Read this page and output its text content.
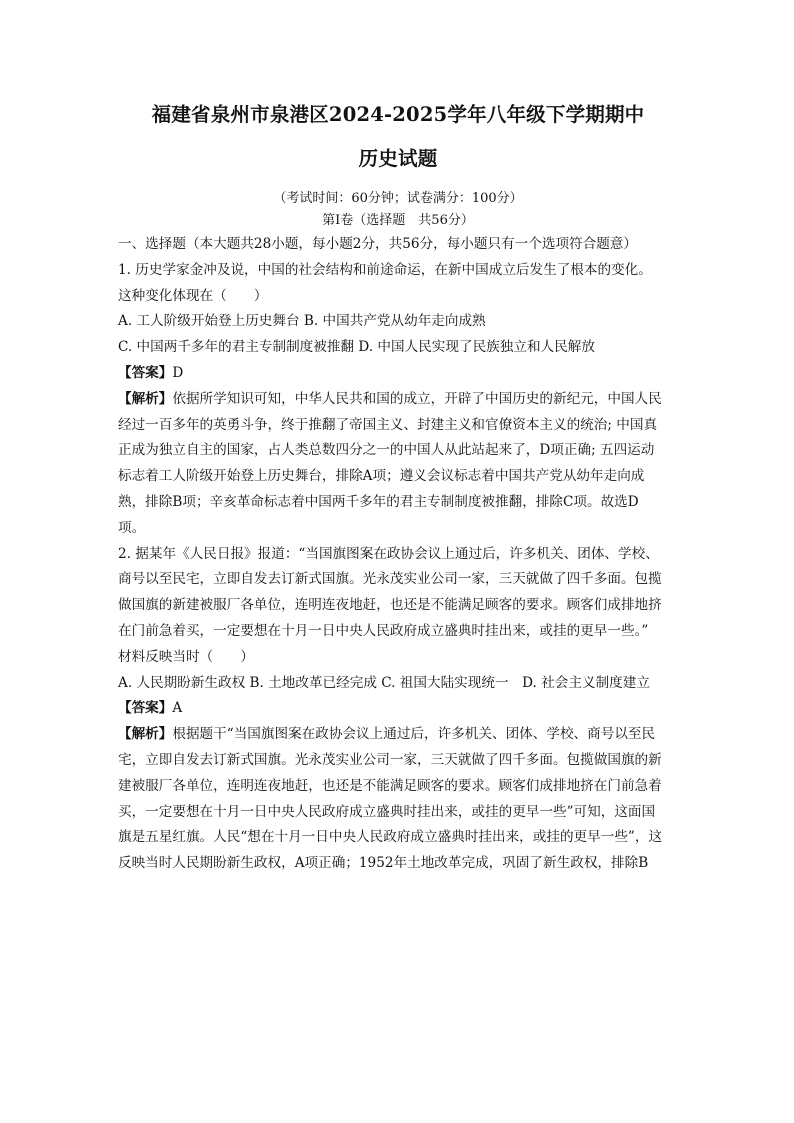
福建省泉州市泉港区2024-2025学年八年级下学期期中

历史试题

（考试时间：60分钟；试卷满分：100分）

第Ⅰ卷（选择题　共56分）

一、选择题（本大题共28小题，每小题2分，共56分，每小题只有一个选项符合题意）

1. 历史学家金冲及说，中国的社会结构和前途命运，在新中国成立后发生了根本的变化。

这种变化体现在（　　）

A. 工人阶级开始登上历史舞台 B. 中国共产党从幼年走向成熟

C. 中国两千多年的君主专制制度被推翻 D. 中国人民实现了民族独立和人民解放

【答案】D

【解析】依据所学知识可知，中华人民共和国的成立，开辟了中国历史的新纪元，中国人民
经过一百多年的英勇斗争，终于推翻了帝国主义、封建主义和官僚资本主义的统治; 中国真
正成为独立自主的国家，占人类总数四分之一的中国人从此站起来了，D项正确; 五四运动
标志着工人阶级开始登上历史舞台，排除A项；遵义会议标志着中国共产党从幼年走向成
熟，排除B项；辛亥革命标志着中国两千多年的君主专制制度被推翻，排除C项。故选D
项。

2. 据某年《人民日报》报道：“当国旗图案在政协会议上通过后，许多机关、团体、学校、

商号以至民宅，立即自发去订新式国旗。光永茂实业公司一家，三天就做了四千多面。包揽

做国旗的新建被服厂各单位，连明连夜地赶，也还是不能满足顾客的要求。顾客们成排地挤

在门前急着买，一定要想在十月一日中央人民政府成立盛典时挂出来，或挂的更早一些。”

材料反映当时（　　）

A. 人民期盼新生政权 B. 土地改革已经完成 C. 祖国大陆实现统一　D. 社会主义制度建立

【答案】A

【解析】根据题干“当国旗图案在政协会议上通过后，许多机关、团体、学校、商号以至民
宅，立即自发去订新式国旗。光永茂实业公司一家，三天就做了四千多面。包揽做国旗的新
建被服厂各单位，连明连夜地赶，也还是不能满足顾客的要求。顾客们成排地挤在门前急着
买，一定要想在十月一日中央人民政府成立盛典时挂出来，或挂的更早一些”可知，这面国
旗是五星红旗。人民“想在十月一日中央人民政府成立盛典时挂出来，或挂的更早一些”，这
反映当时人民期盼新生政权，A项正确；1952年土地改革完成，巩固了新生政权，排除B
